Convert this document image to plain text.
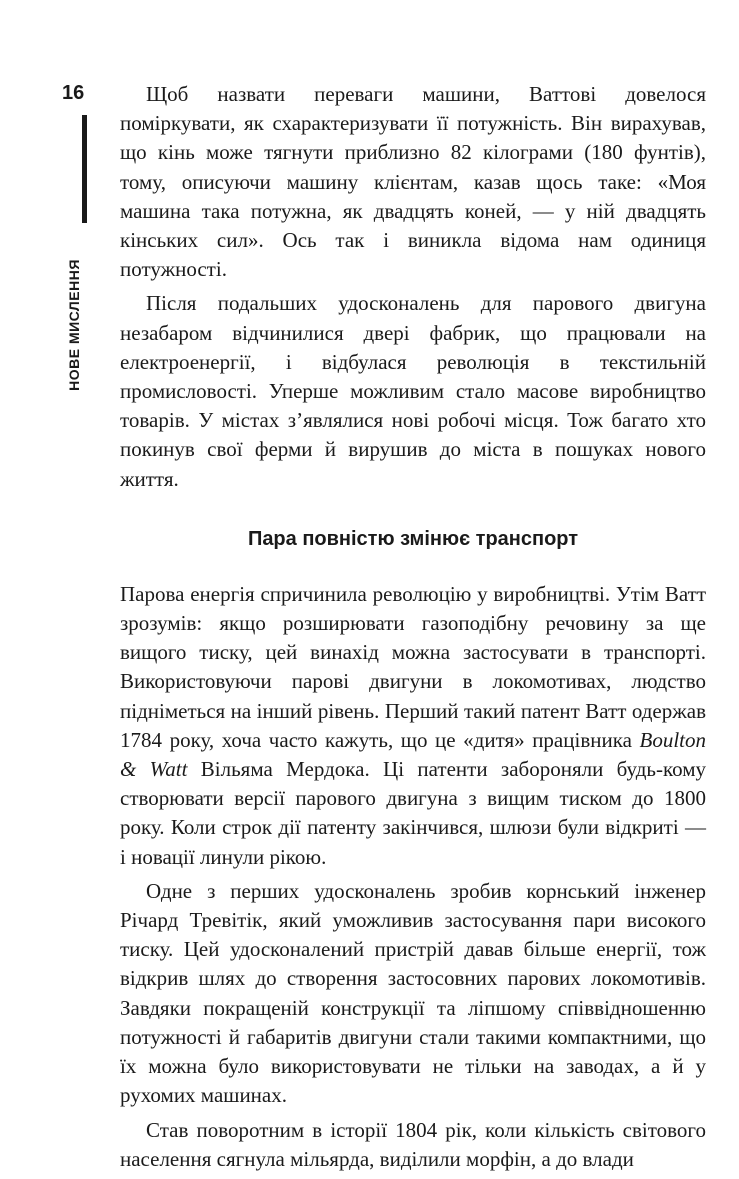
16
НОВЕ МИСЛЕННЯ

Щоб назвати переваги машини, Ваттові довелося поміркувати, як схарактеризувати її потужність. Він вирахував, що кінь може тягнути приблизно 82 кілограми (180 фунтів), тому, описуючи машину клієнтам, казав щось таке: «Моя машина така потужна, як двадцять коней, — у ній двадцять кінських сил». Ось так і виникла відома нам одиниця потужності.

Після подальших удосконалень для парового двигуна незабаром відчинилися двері фабрик, що працювали на електроенергії, і відбулася революція в текстильній промисловості. Уперше можливим стало масове виробництво товарів. У містах з’являлися нові робочі місця. Тож багато хто покинув свої ферми й вирушив до міста в пошуках нового життя.

Пара повністю змінює транспорт

Парова енергія спричинила революцію у виробництві. Утім Ватт зрозумів: якщо розширювати газоподібну речовину за ще вищого тиску, цей винахід можна застосувати в транспорті. Використовуючи парові двигуни в локомотивах, людство підніметься на інший рівень. Перший такий патент Ватт одержав 1784 року, хоча часто кажуть, що це «дитя» працівника Boulton & Watt Вільяма Мердока. Ці патенти забороняли будь-кому створювати версії парового двигуна з вищим тиском до 1800 року. Коли строк дії патенту закінчився, шлюзи були відкриті — і новації линули рікою.

Одне з перших удосконалень зробив корнський інженер Річард Тревітік, який уможливив застосування пари високого тиску. Цей удосконалений пристрій давав більше енергії, тож відкрив шлях до створення застосовних парових локомотивів. Завдяки покращеній конструкції та ліпшому співвідношенню потужності й габаритів двигуни стали такими компактними, що їх можна було використовувати не тільки на заводах, а й у рухомих машинах.

Став поворотним в історії 1804 рік, коли кількість світового населення сягнула мільярда, виділили морфін, а до влади
